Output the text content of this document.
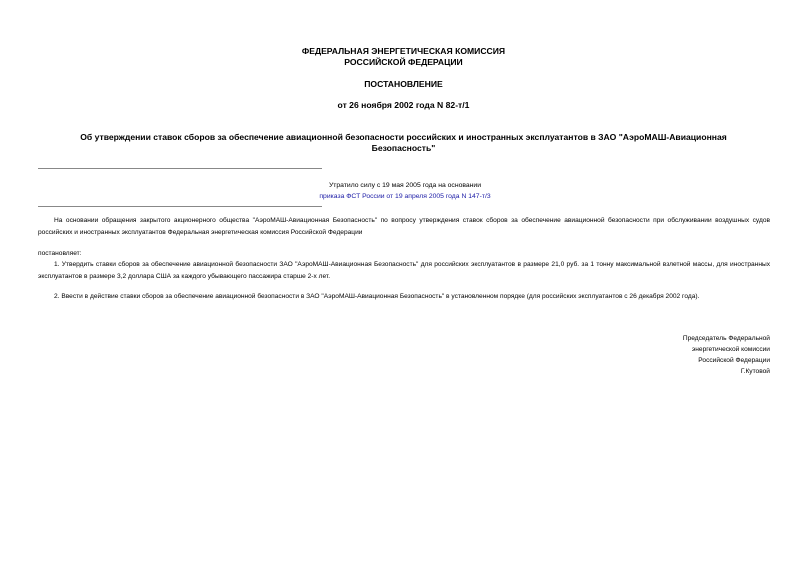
ФЕДЕРАЛЬНАЯ ЭНЕРГЕТИЧЕСКАЯ КОМИССИЯ
РОССИЙСКОЙ ФЕДЕРАЦИИ
ПОСТАНОВЛЕНИЕ
от 26 ноября 2002 года N 82-т/1
Об утверждении ставок сборов за обеспечение авиационной безопасности российских и иностранных эксплуатантов в ЗАО "АэроМАШ-Авиационная Безопасность"
Утратило силу с 19 мая 2005 года на основании
приказа ФСТ России от 19 апреля 2005 года N 147-т/3
На основании обращения закрытого акционерного общества "АэроМАШ-Авиационная Безопасность" по вопросу утверждения ставок сборов за обеспечение авиационной безопасности при обслуживании воздушных судов российских и иностранных эксплуатантов Федеральная энергетическая комиссия Российской Федерации
постановляет:
1. Утвердить ставки сборов за обеспечение авиационной безопасности ЗАО "АэроМАШ-Авиационная Безопасность" для российских эксплуатантов в размере 21,0 руб. за 1 тонну максимальной взлетной массы, для иностранных эксплуатантов в размере 3,2 доллара США за каждого убывающего пассажира старше 2-х лет.
2. Ввести в действие ставки сборов за обеспечение авиационной безопасности в ЗАО "АэроМАШ-Авиационная Безопасность" в установленном порядке (для российских эксплуатантов с 26 декабря 2002 года).
Председатель Федеральной
энергетической комиссии
Российской Федерации
Г.Кутовой
